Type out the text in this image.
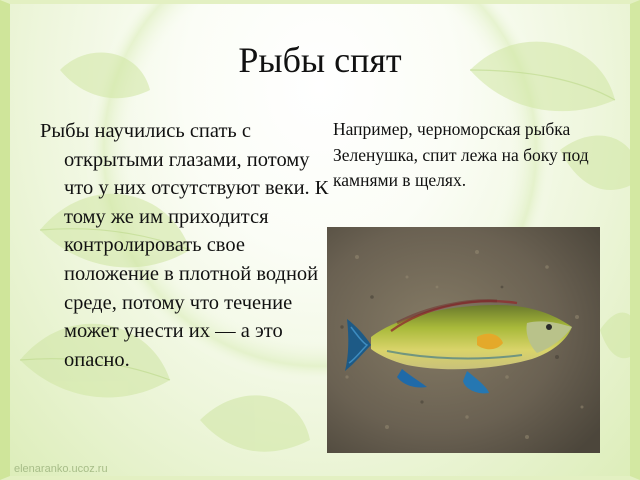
Рыбы спят
Рыбы научились спать с открытыми глазами, потому что у них отсутствуют веки. К тому же им приходится контролировать свое положение в плотной водной среде, потому что течение может унести их — а это опасно.
Например, черноморская рыбка Зеленушка, спит лежа на боку под камнями в щелях.
elenaranko.ucoz.ru
